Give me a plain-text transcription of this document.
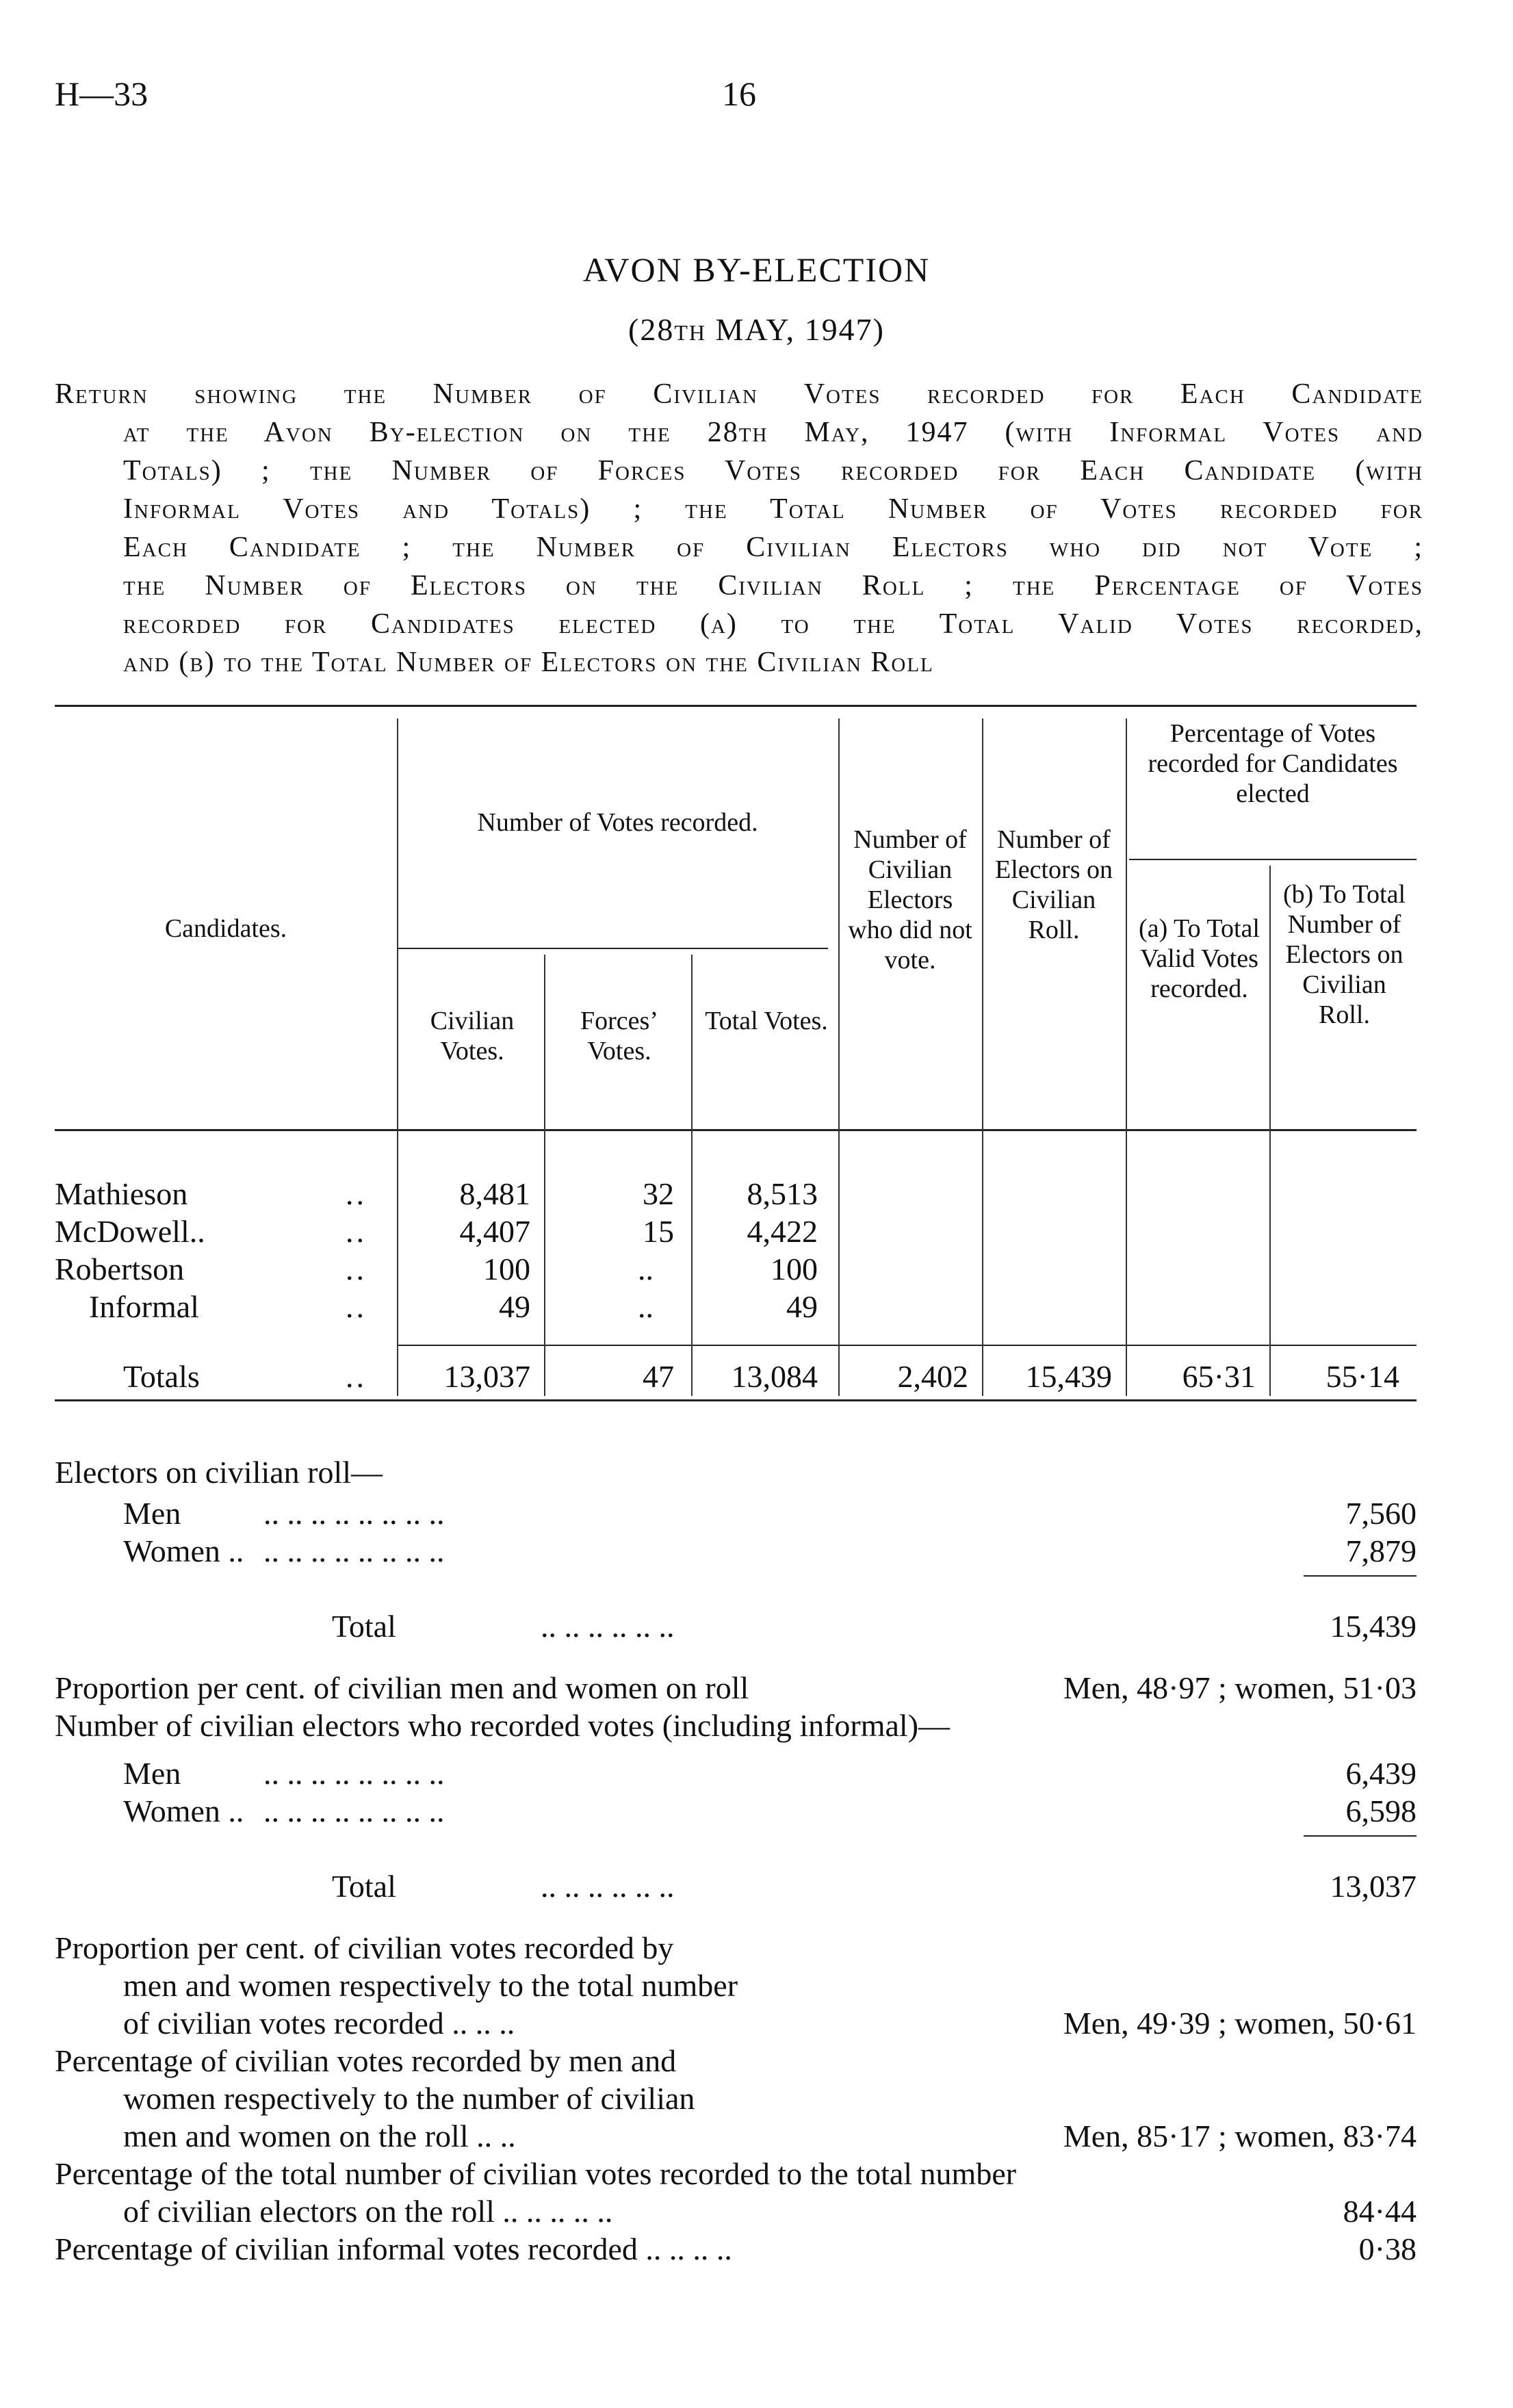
H—33	16
AVON BY-ELECTION
(28th MAY, 1947)

Return showing the Number of Civilian Votes recorded for Each Candidate

at the Avon By-election on the 28th May, 1947 (with Informal Votes and

Totals) ; the Number of Forces Votes recorded for Each Candidate (with

Informal Votes and Totals) ; the Total Number of Votes recorded for

Each Candidate ; the Number of Civilian Electors who did not Vote ;

the Number of Electors on the Civilian Roll ; the Percentage of Votes

recorded for Candidates elected (a) to the Total Valid Votes recorded,

and (b) to the Total Number of Electors on the Civilian Roll

Candidates.
Number of Votes recorded.
Civilian Votes.
Forces’ Votes.
Total Votes.
Number of Civilian Electors who did not vote.
Number of Electors on Civilian Roll.
Percentage of Votes recorded for Candidates elected
(a) To Total Valid Votes recorded.
(b) To Total Number of Electors on Civilian Roll.
Mathieson	..	8,481	32	8,513
McDowell..	..	4,407	15	4,422
Robertson	..	100	..	100
Informal	..	49	..	49
Totals	..	13,037	47	13,084	2,402	15,439	65·31	55·14
Electors on civilian roll—
Men	.. .. .. .. .. .. .. ..	7,560
Women .. .. .. .. .. .. .. .. ..	7,879
Total	.. .. .. .. .. ..	15,439
Proportion per cent. of civilian men and women on roll	Men, 48·97 ; women, 51·03
Number of civilian electors who recorded votes (including informal)—
Men	.. .. .. .. .. .. .. ..	6,439
Women .. .. .. .. .. .. .. .. ..	6,598
Total	.. .. .. .. .. ..	13,037
Proportion per cent. of civilian votes recorded by
men and women respectively to the total number
of civilian votes recorded .. .. ..	Men, 49·39 ; women, 50·61
Percentage of civilian votes recorded by men and
women respectively to the number of civilian
men and women on the roll .. ..	Men, 85·17 ; women, 83·74
Percentage of the total number of civilian votes recorded to the total number
of civilian electors on the roll .. .. .. .. ..	84·44
Percentage of civilian informal votes recorded .. .. .. ..	0·38
